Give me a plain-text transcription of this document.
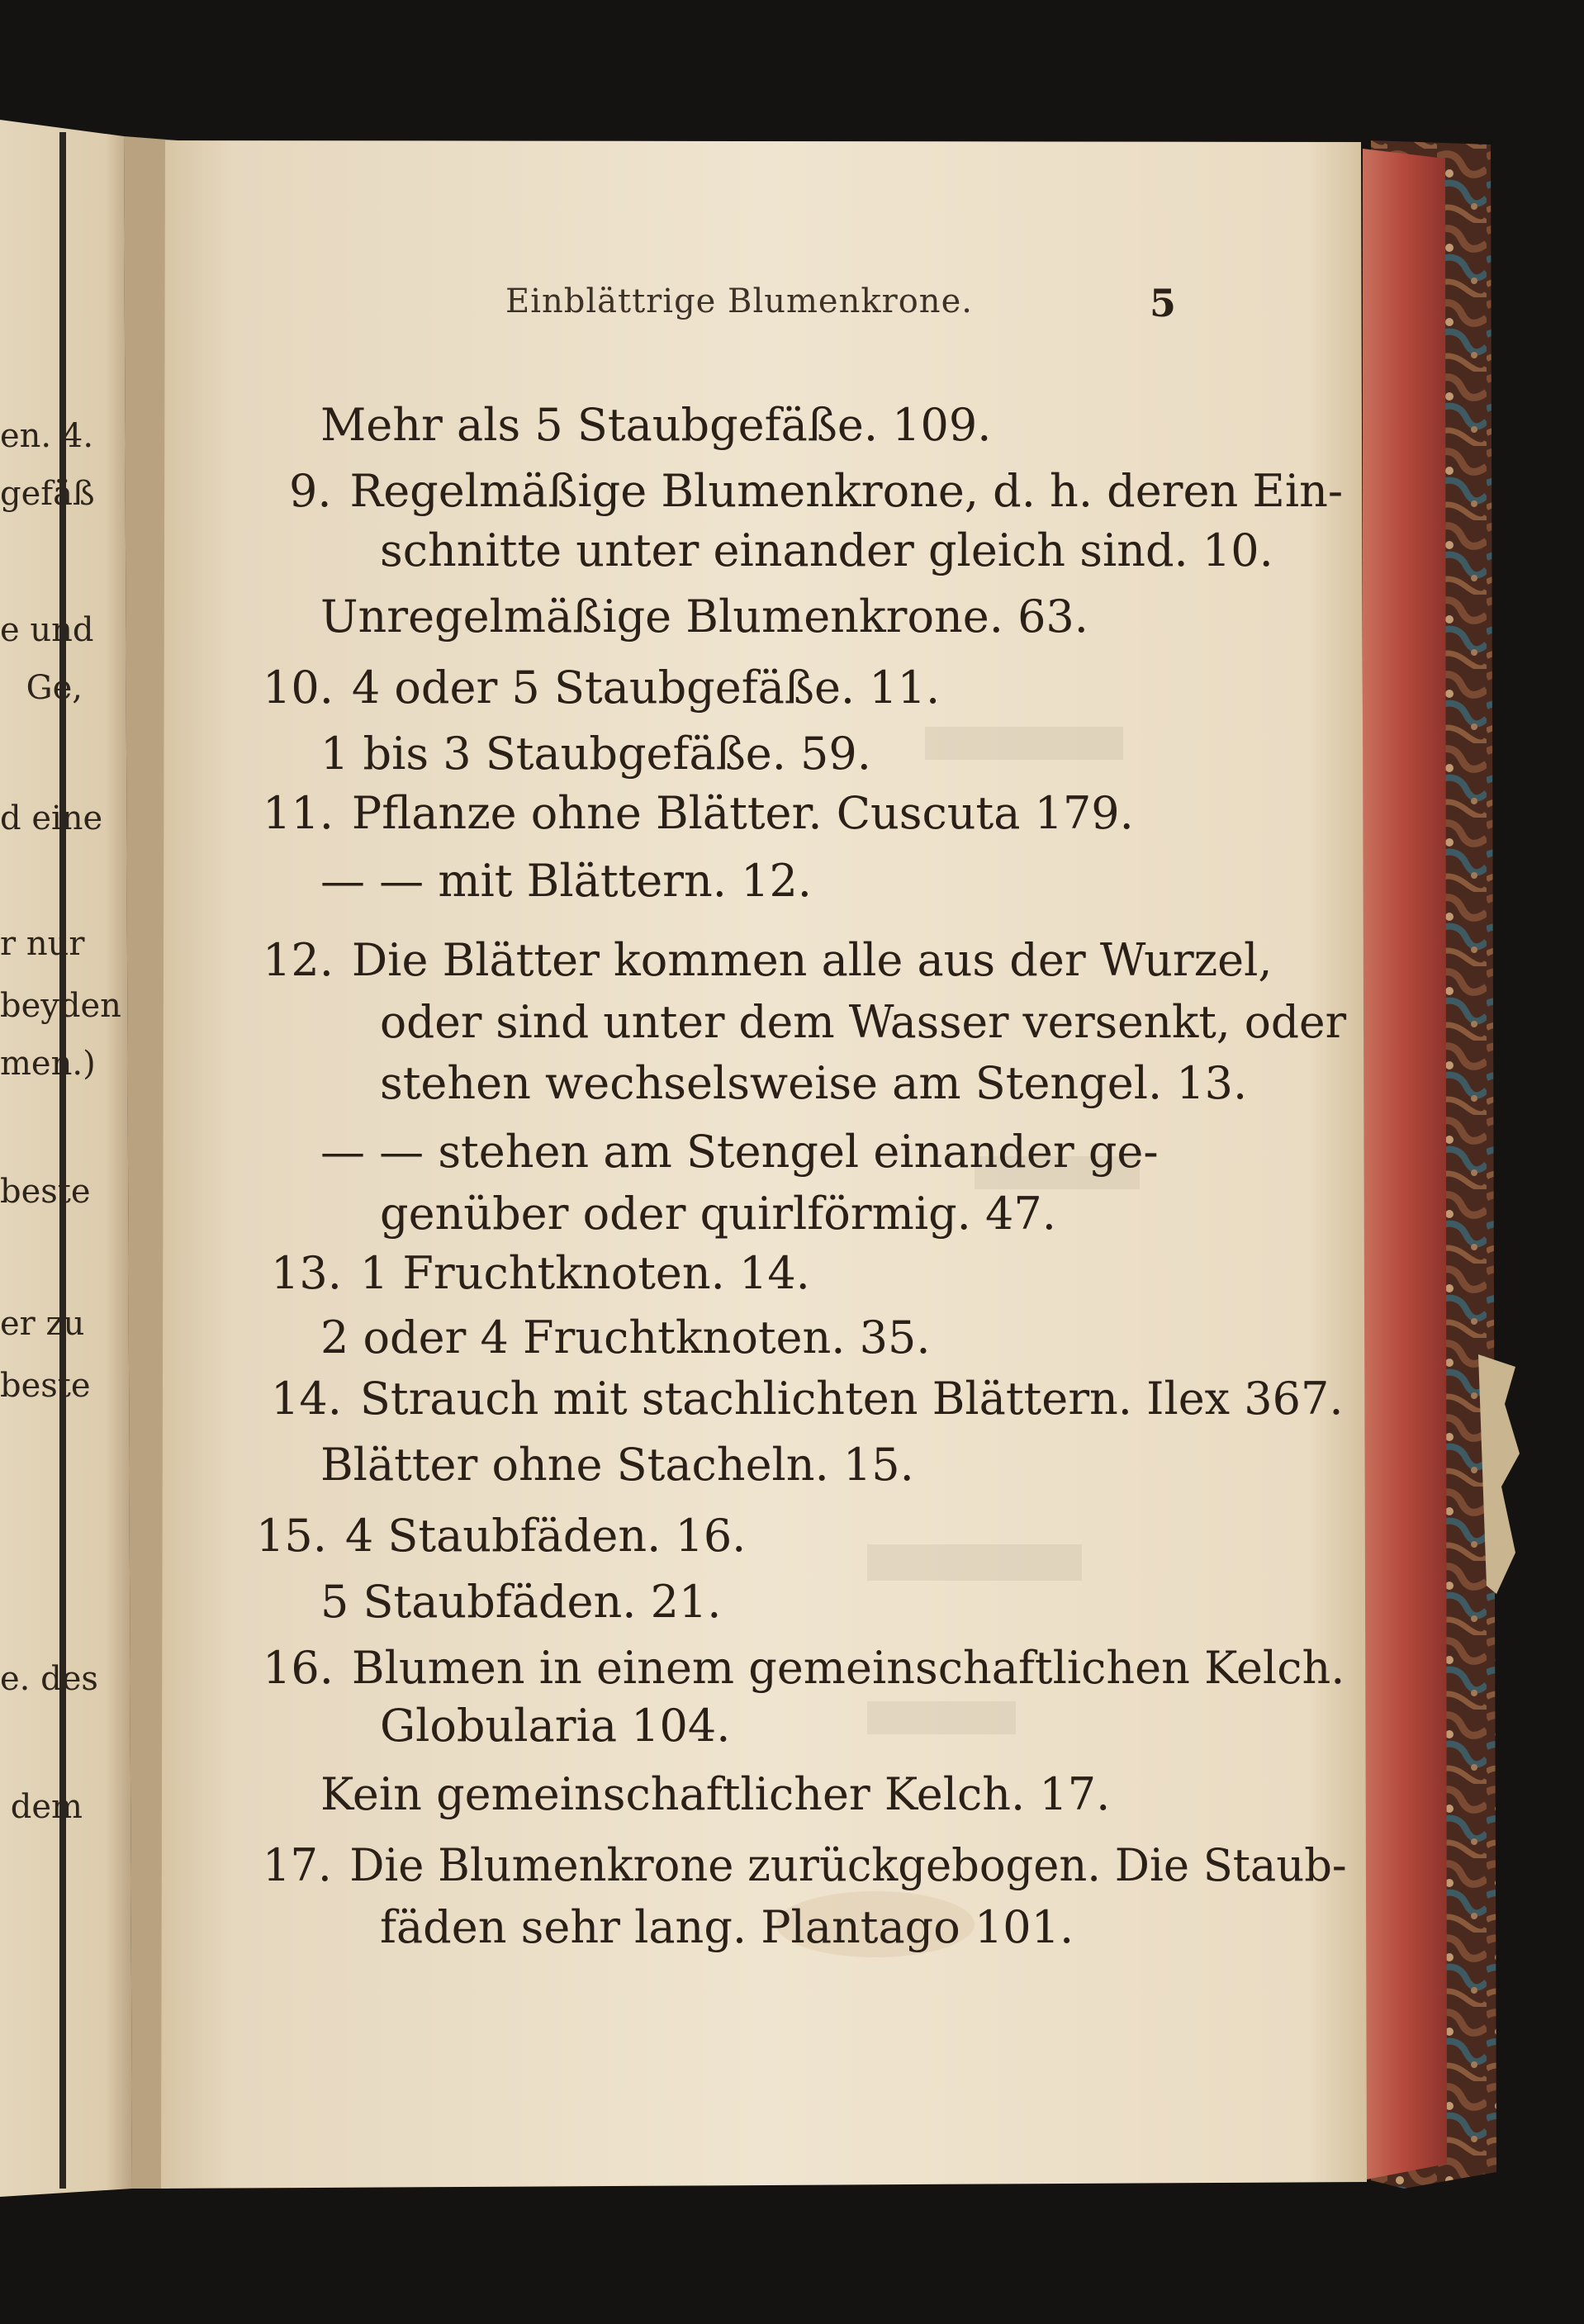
en. 4.
gefäß
e und
Ge,
d eine
r nur
beyden
men.)
beste
er zu
beste
e. des
dem
Einblättrige Blumenkrone.	5
Mehr als 5 Staubgefäße. 109.
9. Regelmäßige Blumenkrone, d. h. deren Ein-
schnitte unter einander gleich sind. 10.
Unregelmäßige Blumenkrone. 63.
10. 4 oder 5 Staubgefäße. 11.
1 bis 3 Staubgefäße. 59.
11. Pflanze ohne Blätter. Cuscuta 179.
— — mit Blättern. 12.
12. Die Blätter kommen alle aus der Wurzel,
oder sind unter dem Wasser versenkt, oder
stehen wechselsweise am Stengel. 13.
— — stehen am Stengel einander ge-
genüber oder quirlförmig. 47.
13. 1 Fruchtknoten. 14.
2 oder 4 Fruchtknoten. 35.
14. Strauch mit stachlichten Blättern. Ilex 367.
Blätter ohne Stacheln. 15.
15. 4 Staubfäden. 16.
5 Staubfäden. 21.
16. Blumen in einem gemeinschaftlichen Kelch.
Globularia 104.
Kein gemeinschaftlicher Kelch. 17.
17. Die Blumenkrone zurückgebogen. Die Staub-
fäden sehr lang. Plantago 101.
